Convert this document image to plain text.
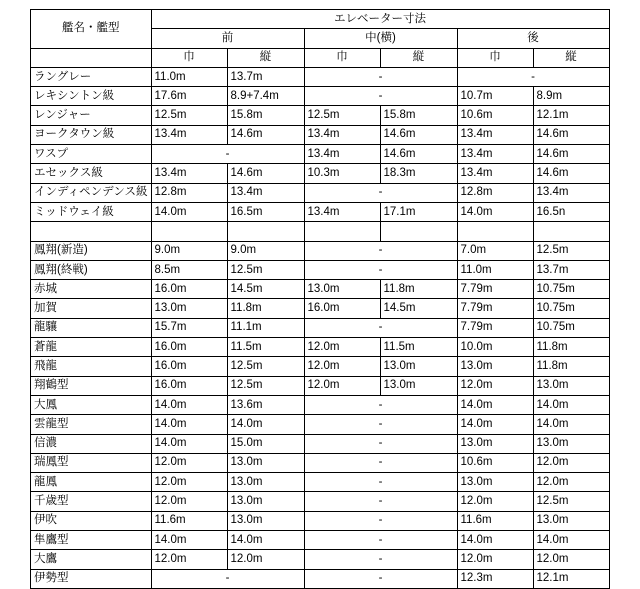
艦名・艦型	エレベーター寸法					
	前		中(横)		後	
	巾	縦	巾	縦	巾	縦
ラングレー	11.0m	13.7m	-		-	
レキシントン級	17.6m	8.9+7.4m	-		10.7m	8.9m
レンジャー	12.5m	15.8m	12.5m	15.8m	10.6m	12.1m
ヨークタウン級	13.4m	14.6m	13.4m	14.6m	13.4m	14.6m
ワスプ	-		13.4m	14.6m	13.4m	14.6m
エセックス級	13.4m	14.6m	10.3m	18.3m	13.4m	14.6m
インディペンデンス級	12.8m	13.4m	-		12.8m	13.4m
ミッドウェイ級	14.0m	16.5m	13.4m	17.1m	14.0m	16.5n

鳳翔(新造)	9.0m	9.0m	-		7.0m	12.5m
鳳翔(終戦)	8.5m	12.5m	-		11.0m	13.7m
赤城	16.0m	14.5m	13.0m	11.8m	7.79m	10.75m
加賀	13.0m	11.8m	16.0m	14.5m	7.79m	10.75m
龍驤	15.7m	11.1m	-		7.79m	10.75m
蒼龍	16.0m	11.5m	12.0m	11.5m	10.0m	11.8m
飛龍	16.0m	12.5m	12.0m	13.0m	13.0m	11.8m
翔鶴型	16.0m	12.5m	12.0m	13.0m	12.0m	13.0m
大鳳	14.0m	13.6m	-		14.0m	14.0m
雲龍型	14.0m	14.0m	-		14.0m	14.0m
信濃	14.0m	15.0m	-		13.0m	13.0m
瑞鳳型	12.0m	13.0m	-		10.6m	12.0m
龍鳳	12.0m	13.0m	-		13.0m	12.0m
千歳型	12.0m	13.0m	-		12.0m	12.5m
伊吹	11.6m	13.0m	-		11.6m	13.0m
隼鷹型	14.0m	14.0m	-		14.0m	14.0m
大鷹	12.0m	12.0m	-		12.0m	12.0m
伊勢型	-		-		12.3m	12.1m
